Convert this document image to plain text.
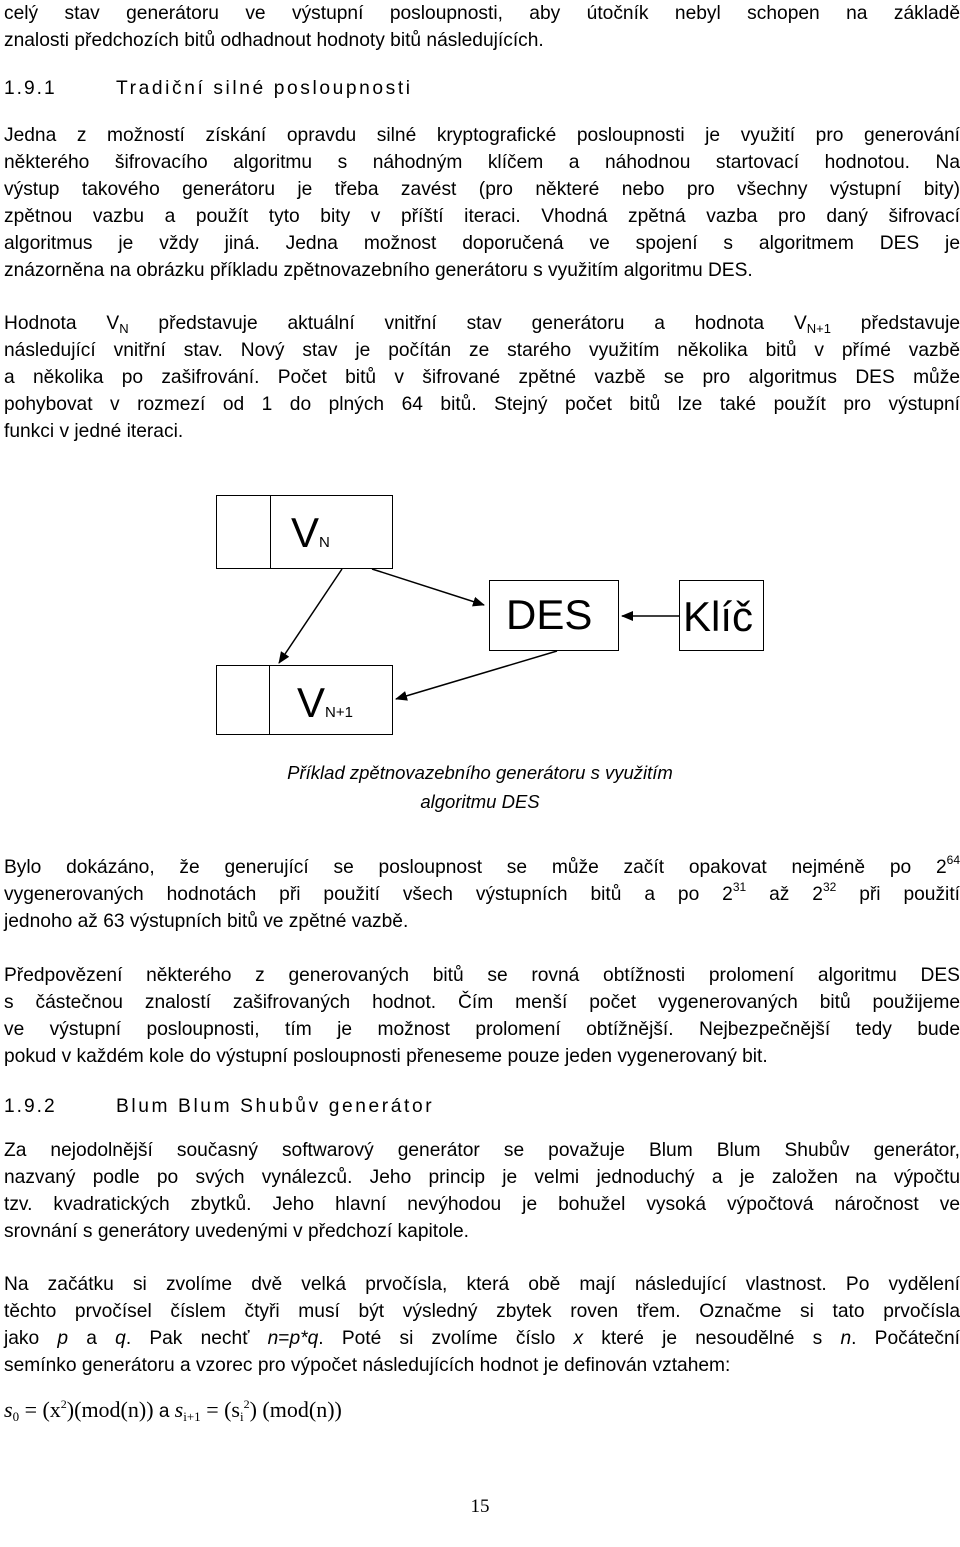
celý stav generátoru ve výstupní posloupnosti, aby útočník nebyl schopen na základě
znalosti předchozích bitů odhadnout hodnoty bitů následujících.
1.9.1	Tradiční silné posloupnosti
Jedna z možností získání opravdu silné kryptografické posloupnosti je využití pro generování
některého šifrovacího algoritmu s náhodným klíčem a náhodnou startovací hodnotou. Na
výstup takového generátoru je třeba zavést (pro některé nebo pro všechny výstupní bity)
zpětnou vazbu a použít tyto bity v příští iteraci. Vhodná zpětná vazba pro daný šifrovací
algoritmus je vždy jiná. Jedna možnost doporučená ve spojení s algoritmem DES je
znázorněna na obrázku příkladu zpětnovazebního generátoru s využitím algoritmu DES.
Hodnota $V_N$ představuje aktuální vnitřní stav generátoru a hodnota $V_{N+1}$ představuje
následující vnitřní stav. Nový stav je počítán ze starého využitím několika bitů v přímé vazbě
a několika po zašifrování. Počet bitů v šifrované zpětné vazbě se pro algoritmus DES může
pohybovat v rozmezí od 1 do plných 64 bitů. Stejný počet bitů lze také použít pro výstupní
funkci v jedné iteraci.
VN
DES Klíč
VN+1
Příklad zpětnovazebního generátoru s využitím
algoritmu DES
Bylo dokázáno, že generující se posloupnost se může začít opakovat nejméně po $2^{64}$
vygenerovaných hodnotách při použití všech výstupních bitů a po $2^{31}$ až $2^{32}$ při použití
jednoho až 63 výstupních bitů ve zpětné vazbě.
Předpovězení některého z generovaných bitů se rovná obtížnosti prolomení algoritmu DES
s částečnou znalostí zašifrovaných hodnot. Čím menší počet vygenerovaných bitů použijeme
ve výstupní posloupnosti, tím je možnost prolomení obtížnější. Nejbezpečnější tedy bude
pokud v každém kole do výstupní posloupnosti přeneseme pouze jeden vygenerovaný bit.
1.9.2	Blum Blum Shubův generátor
Za nejodolnější současný softwarový generátor se považuje Blum Blum Shubův generátor,
nazvaný podle po svých vynálezců. Jeho princip je velmi jednoduchý a je založen na výpočtu
tzv. kvadratických zbytků. Jeho hlavní nevýhodou je bohužel vysoká výpočtová náročnost ve
srovnání s generátory uvedenými v předchozí kapitole.
Na začátku si zvolíme dvě velká prvočísla, která obě mají následující vlastnost. Po vydělení
těchto prvočísel číslem čtyři musí být výsledný zbytek roven třem. Označme si tato prvočísla
jako p a q. Pak nechť n=p*q. Poté si zvolíme číslo x které je nesoudělné s n. Počáteční
semínko generátoru a vzorec pro výpočet následujících hodnot je definován vztahem:
$s_0 = (x^2)(mod(n))$ a $s_{i+1} = (s_i^2)$ (mod(n))
15
